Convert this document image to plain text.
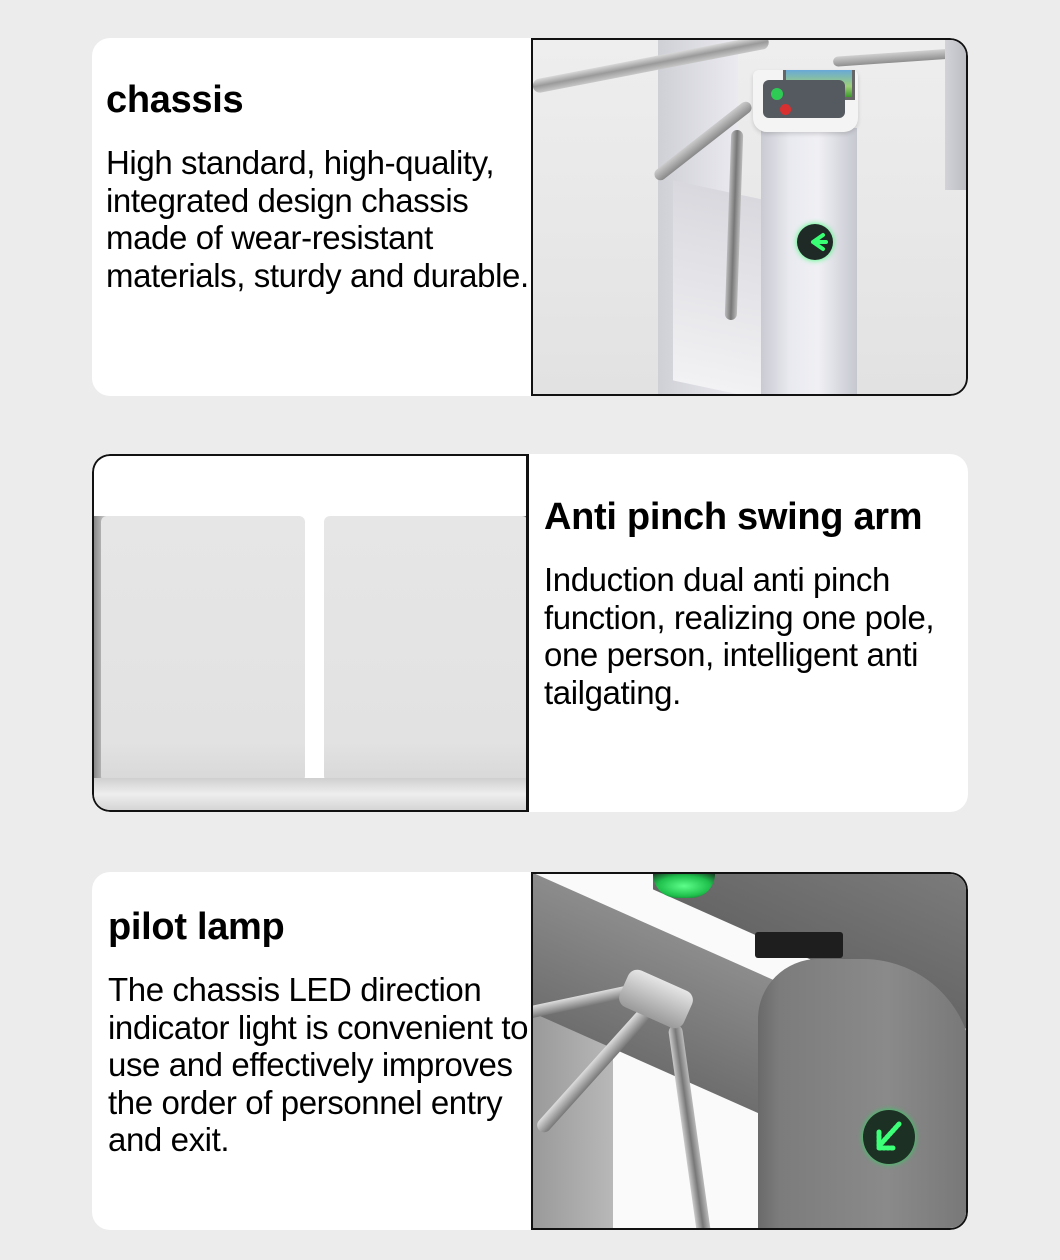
chassis

High standard, high-quality, integrated design chassis made of wear-resistant materials, sturdy and durable.

Anti pinch swing arm

Induction dual anti pinch function, realizing one pole, one person, intelligent anti tailgating.

pilot lamp

The chassis LED direction indicator light is convenient to use and effectively improves the order of personnel entry and exit.
